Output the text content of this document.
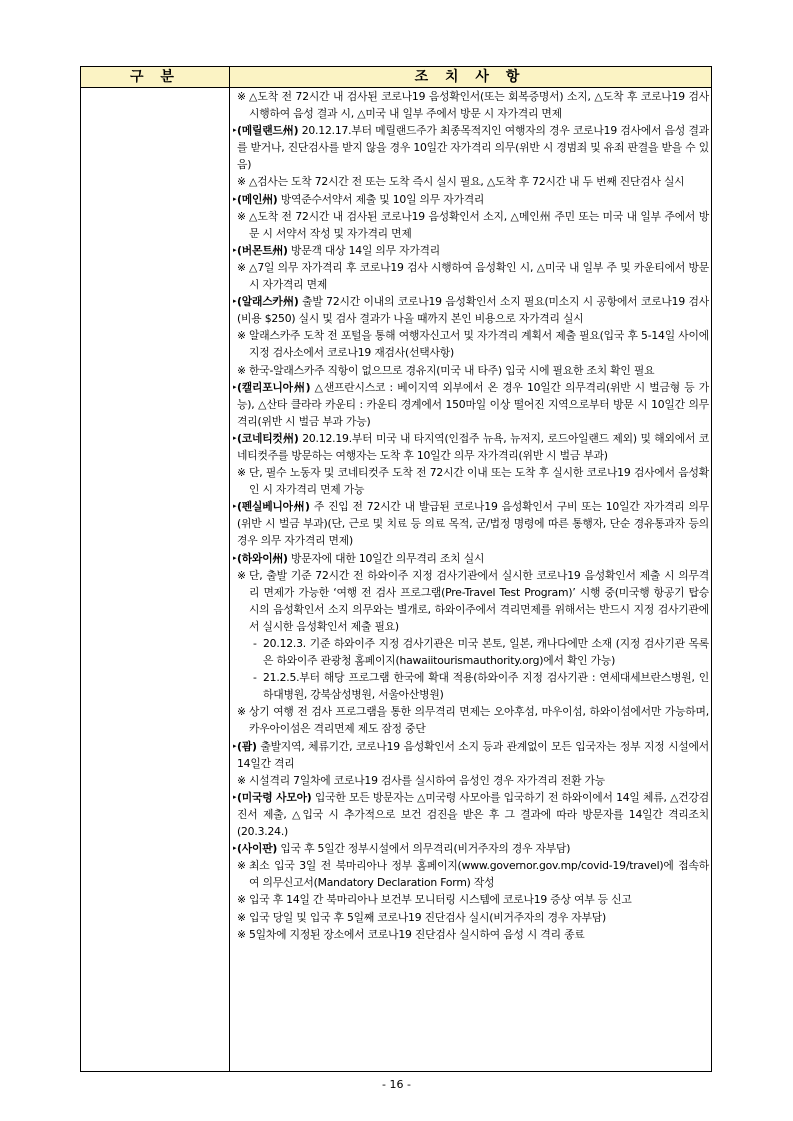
구 분	조 치 사 항
※ △도착 전 72시간 내 검사된 코로나19 음성확인서(또는 회복증명서) 소지, △도착 후 코로나19 검사 시행하여 음성 결과 시, △미국 내 일부 주에서 방문 시 자가격리 면제
▸ (메릴랜드州) 20.12.17.부터 메릴랜드주가 최종목적지인 여행자의 경우 코로나19 검사에서 음성 결과를 받거나, 진단검사를 받지 않을 경우 10일간 자가격리 의무(위반 시 경범죄 및 유죄 판결을 받을 수 있음)
※ △검사는 도착 72시간 전 또는 도착 즉시 실시 필요, △도착 후 72시간 내 두 번째 진단검사 실시
▸ (메인州) 방역준수서약서 제출 및 10일 의무 자가격리
※ △도착 전 72시간 내 검사된 코로나19 음성확인서 소지, △메인州 주민 또는 미국 내 일부 주에서 방문 시 서약서 작성 및 자가격리 면제
▸ (버몬트州) 방문객 대상 14일 의무 자가격리
※ △7일 의무 자가격리 후 코로나19 검사 시행하여 음성확인 시, △미국 내 일부 주 및 카운티에서 방문 시 자가격리 면제
▸ (알래스카州) 출발 72시간 이내의 코로나19 음성확인서 소지 필요(미소지 시 공항에서 코로나19 검사(비용 $250) 실시 및 검사 결과가 나올 때까지 본인 비용으로 자가격리 실시
※ 알래스카주 도착 전 포털을 통해 여행자신고서 및 자가격리 계획서 제출 필요(입국 후 5-14일 사이에 지정 검사소에서 코로나19 재검사(선택사항)
※ 한국-알래스카주 직항이 없으므로 경유지(미국 내 타주) 입국 시에 필요한 조치 확인 필요
▸ (캘리포니아州) △샌프란시스코 : 베이지역 외부에서 온 경우 10일간 의무격리(위반 시 벌금형 등 가능), △산타 클라라 카운티 : 카운티 경계에서 150마일 이상 떨어진 지역으로부터 방문 시 10일간 의무격리(위반 시 벌금 부과 가능)
▸ (코네티컷州) 20.12.19.부터 미국 내 타지역(인접주 뉴욕, 뉴저지, 로드아일랜드 제외) 및 해외에서 코네티컷주를 방문하는 여행자는 도착 후 10일간 의무 자가격리(위반 시 벌금 부과)
※ 단, 필수 노동자 및 코네티컷주 도착 전 72시간 이내 또는 도착 후 실시한 코로나19 검사에서 음성확인 시 자가격리 면제 가능
▸ (펜실베니아州) 주 진입 전 72시간 내 발급된 코로나19 음성확인서 구비 또는 10일간 자가격리 의무(위반 시 벌금 부과)(단, 근로 및 치료 등 의료 목적, 군/법정 명령에 따른 통행자, 단순 경유통과자 등의 경우 의무 자가격리 면제)
▸ (하와이州) 방문자에 대한 10일간 의무격리 조치 실시
※ 단, 출발 기준 72시간 전 하와이주 지정 검사기관에서 실시한 코로나19 음성확인서 제출 시 의무격리 면제가 가능한 ‘여행 전 검사 프로그램(Pre-Travel Test Program)’ 시행 중(미국행 항공기 탑승 시의 음성확인서 소지 의무와는 별개로, 하와이주에서 격리면제를 위해서는 반드시 지정 검사기관에서 실시한 음성확인서 제출 필요)
- 20.12.3. 기준 하와이주 지정 검사기관은 미국 본토, 일본, 캐나다에만 소재 (지정 검사기관 목록은 하와이주 관광청 홈페이지(hawaiitourismauthority.org)에서 확인 가능)
- 21.2.5.부터 해당 프로그램 한국에 확대 적용(하와이주 지정 검사기관 : 연세대세브란스병원, 인하대병원, 강북삼성병원, 서울아산병원)
※ 상기 여행 전 검사 프로그램을 통한 의무격리 면제는 오아후섬, 마우이섬, 하와이섬에서만 가능하며, 카우아이섬은 격리면제 제도 잠정 중단
▸ (괌) 출발지역, 체류기간, 코로나19 음성확인서 소지 등과 관계없이 모든 입국자는 정부 지정 시설에서 14일간 격리
※ 시설격리 7일차에 코로나19 검사를 실시하여 음성인 경우 자가격리 전환 가능
▸ (미국령 사모아) 입국한 모든 방문자는 △미국령 사모아를 입국하기 전 하와이에서 14일 체류, △건강검진서 제출, △입국 시 추가적으로 보건 검진을 받은 후 그 결과에 따라 방문자를 14일간 격리조치(20.3.24.)
▸ (사이판) 입국 후 5일간 정부시설에서 의무격리(비거주자의 경우 자부담)
※ 최소 입국 3일 전 북마리아나 정부 홈페이지(www.governor.gov.mp/covid-19/travel)에 접속하여 의무신고서(Mandatory Declaration Form) 작성
※ 입국 후 14일 간 북마리아나 보건부 모니터링 시스템에 코로나19 증상 여부 등 신고
※ 입국 당일 및 입국 후 5일째 코로나19 진단검사 실시(비거주자의 경우 자부담)
※ 5일차에 지정된 장소에서 코로나19 진단검사 실시하여 음성 시 격리 종료
- 16 -
